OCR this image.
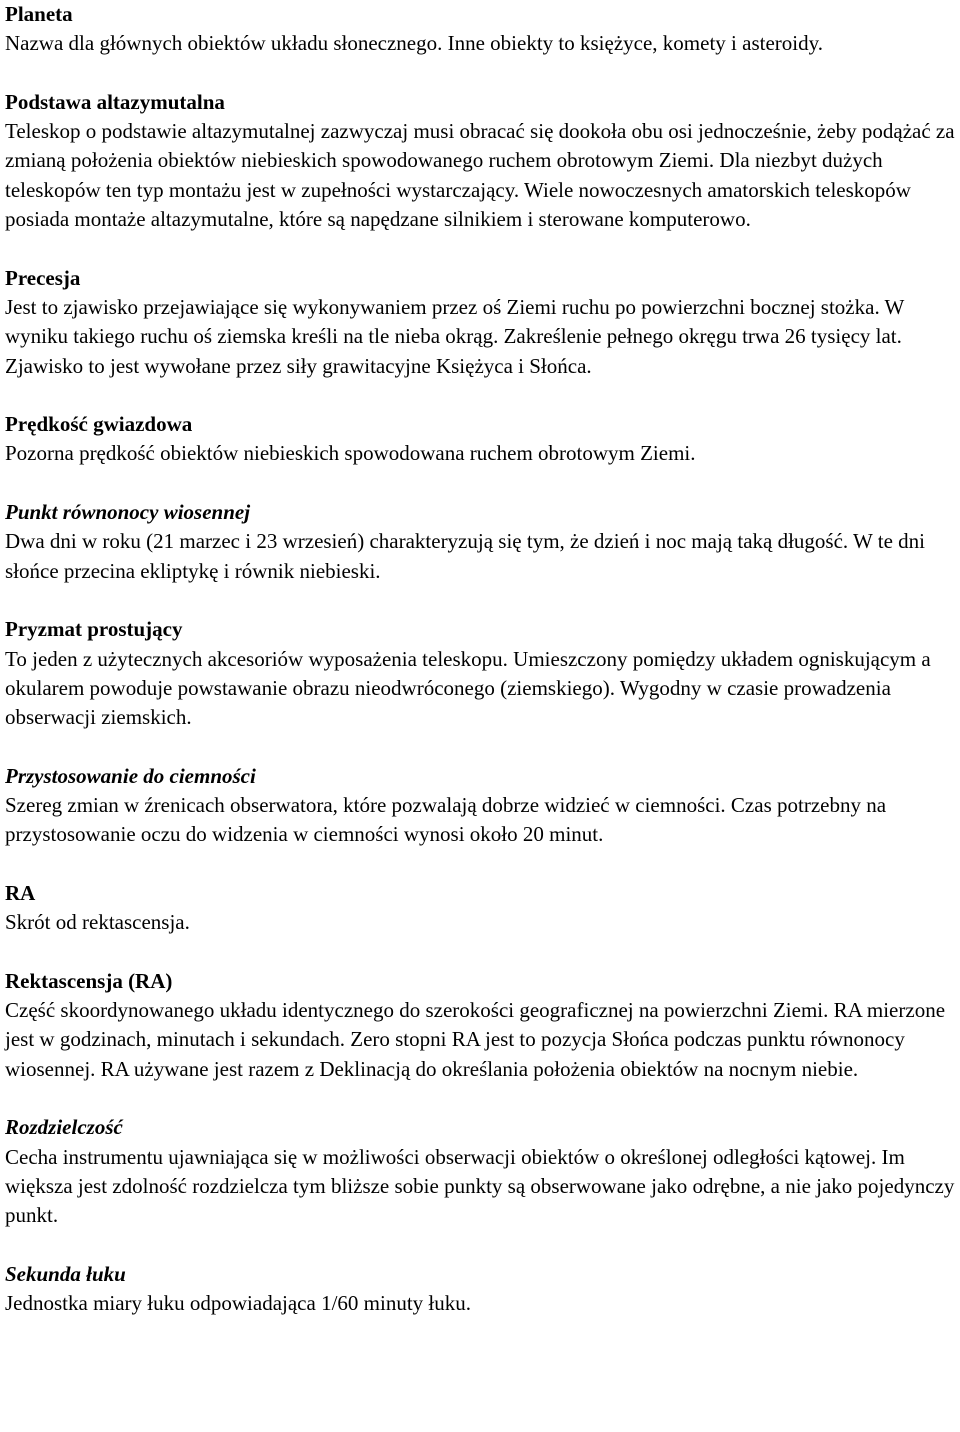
Planeta
Nazwa dla głównych obiektów układu słonecznego. Inne obiekty to księżyce, komety i asteroidy.
Podstawa altazymutalna
Teleskop o podstawie altazymutalnej zazwyczaj musi obracać się dookoła obu osi jednocześnie, żeby podążać za zmianą położenia obiektów niebieskich spowodowanego ruchem obrotowym Ziemi. Dla niezbyt dużych teleskopów ten typ montażu jest w zupełności wystarczający. Wiele nowoczesnych amatorskich teleskopów posiada montaże altazymutalne, które są napędzane silnikiem i sterowane komputerowo.
Precesja
Jest to zjawisko przejawiające się wykonywaniem przez oś Ziemi ruchu po powierzchni bocznej stożka. W wyniku takiego ruchu oś ziemska kreśli na tle nieba okrąg. Zakreślenie pełnego okręgu trwa 26 tysięcy lat. Zjawisko to jest wywołane przez siły grawitacyjne Księżyca i Słońca.
Prędkość gwiazdowa
Pozorna prędkość obiektów niebieskich spowodowana ruchem obrotowym Ziemi.
Punkt równonocy wiosennej
Dwa dni w roku (21 marzec i 23 wrzesień) charakteryzują się tym, że dzień i noc mają taką długość. W te dni słońce przecina ekliptykę i równik niebieski.
Pryzmat prostujący
To jeden z użytecznych akcesoriów wyposażenia teleskopu. Umieszczony pomiędzy układem ogniskującym a okularem powoduje powstawanie obrazu nieodwróconego (ziemskiego). Wygodny w czasie prowadzenia obserwacji ziemskich.
Przystosowanie do ciemności
Szereg zmian w źrenicach obserwatora, które pozwalają dobrze widzieć w ciemności. Czas potrzebny na przystosowanie oczu do widzenia w ciemności wynosi około 20 minut.
RA
Skrót od rektascensja.
Rektascensja (RA)
Część skoordynowanego układu identycznego do szerokości geograficznej na powierzchni Ziemi. RA mierzone jest w godzinach, minutach i sekundach. Zero stopni RA jest to pozycja Słońca podczas punktu równonocy wiosennej. RA używane jest razem z Deklinacją do określania położenia obiektów na nocnym niebie.
Rozdzielczość
Cecha instrumentu ujawniająca się w możliwości obserwacji obiektów o określonej odległości kątowej. Im większa jest zdolność rozdzielcza tym bliższe sobie punkty są obserwowane jako odrębne, a nie jako pojedynczy punkt.
Sekunda łuku
Jednostka miary łuku odpowiadająca 1/60 minuty łuku.
